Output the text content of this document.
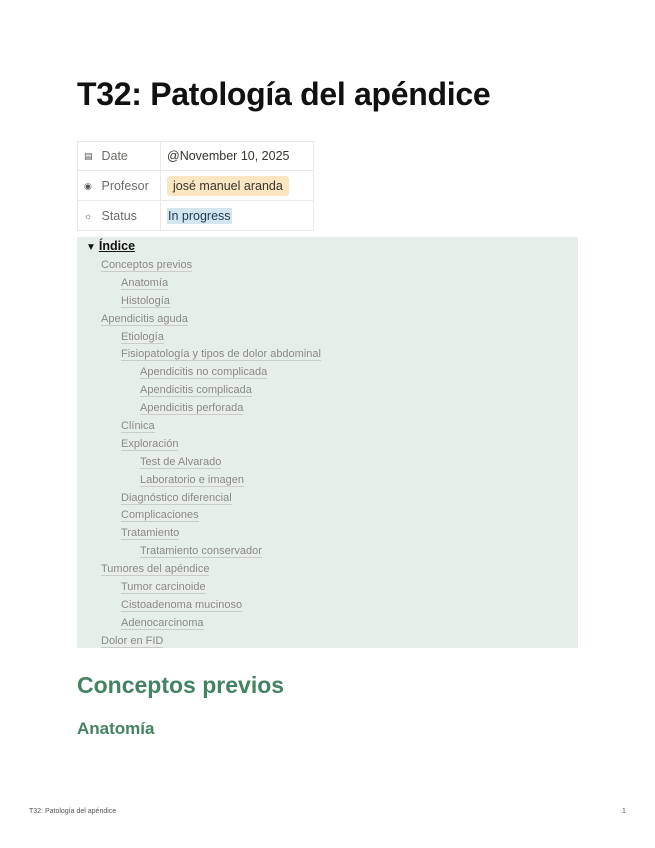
T32: Patología del apéndice
▤ Date	@November 10, 2025
◉ Profesor	josé manuel aranda
☼ Status	In progress
▼ Índice
Conceptos previos
Anatomía
Histología
Apendicitis aguda
Etiología
Fisiopatología y tipos de dolor abdominal
Apendicitis no complicada
Apendicitis complicada
Apendicitis perforada
Clínica
Exploración
Test de Alvarado
Laboratorio e imagen
Diagnóstico diferencial
Complicaciones
Tratamiento
Tratamiento conservador
Tumores del apéndice
Tumor carcinoide
Cistoadenoma mucinoso
Adenocarcinoma
Dolor en FID
Conceptos previos
Anatomía
T32: Patología del apéndice	1
